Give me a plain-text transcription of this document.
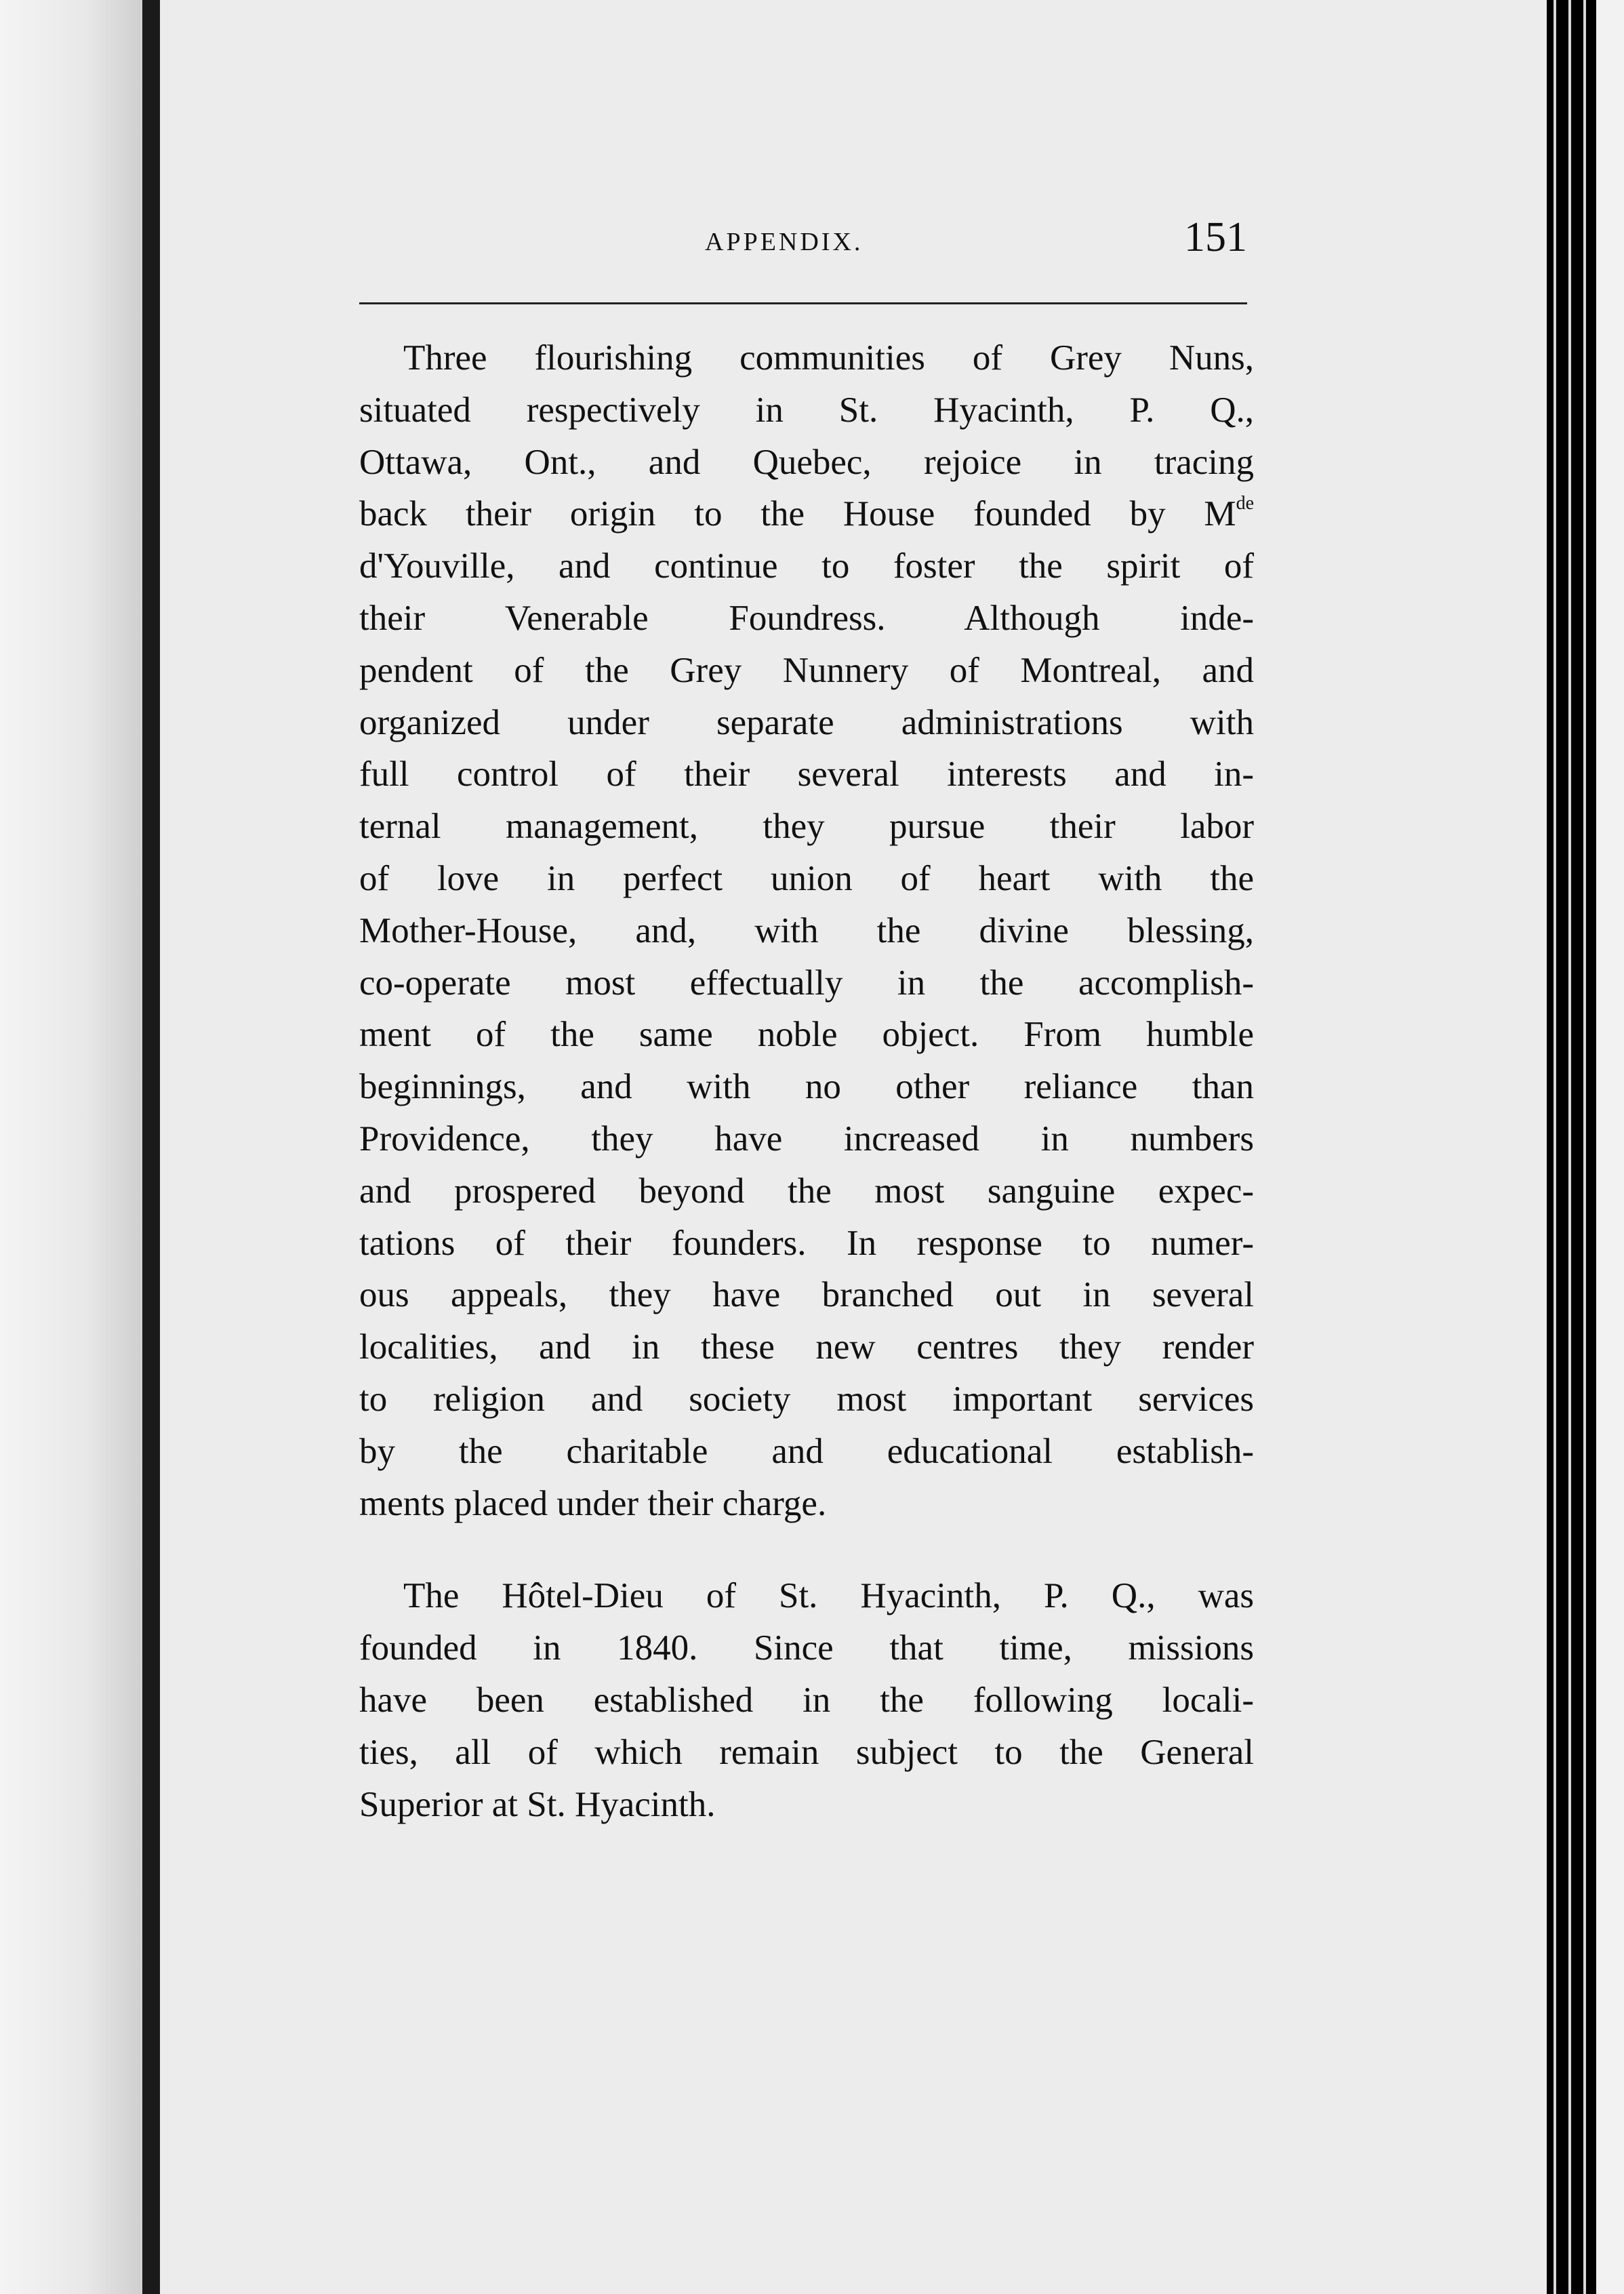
APPENDIX.	151
Three flourishing communities of Grey Nuns,
situated respectively in St. Hyacinth, P. Q.,
Ottawa, Ont., and Quebec, rejoice in tracing
back their origin to the House founded by Mde
d'Youville, and continue to foster the spirit of
their Venerable Foundress. Although inde-
pendent of the Grey Nunnery of Montreal, and
organized under separate administrations with
full control of their several interests and in-
ternal management, they pursue their labor
of love in perfect union of heart with the
Mother-House, and, with the divine blessing,
co-operate most effectually in the accomplish-
ment of the same noble object. From humble
beginnings, and with no other reliance than
Providence, they have increased in numbers
and prospered beyond the most sanguine expec-
tations of their founders. In response to numer-
ous appeals, they have branched out in several
localities, and in these new centres they render
to religion and society most important services
by the charitable and educational establish-
ments placed under their charge.
The Hôtel-Dieu of St. Hyacinth, P. Q., was
founded in 1840. Since that time, missions
have been established in the following locali-
ties, all of which remain subject to the General
Superior at St. Hyacinth.
